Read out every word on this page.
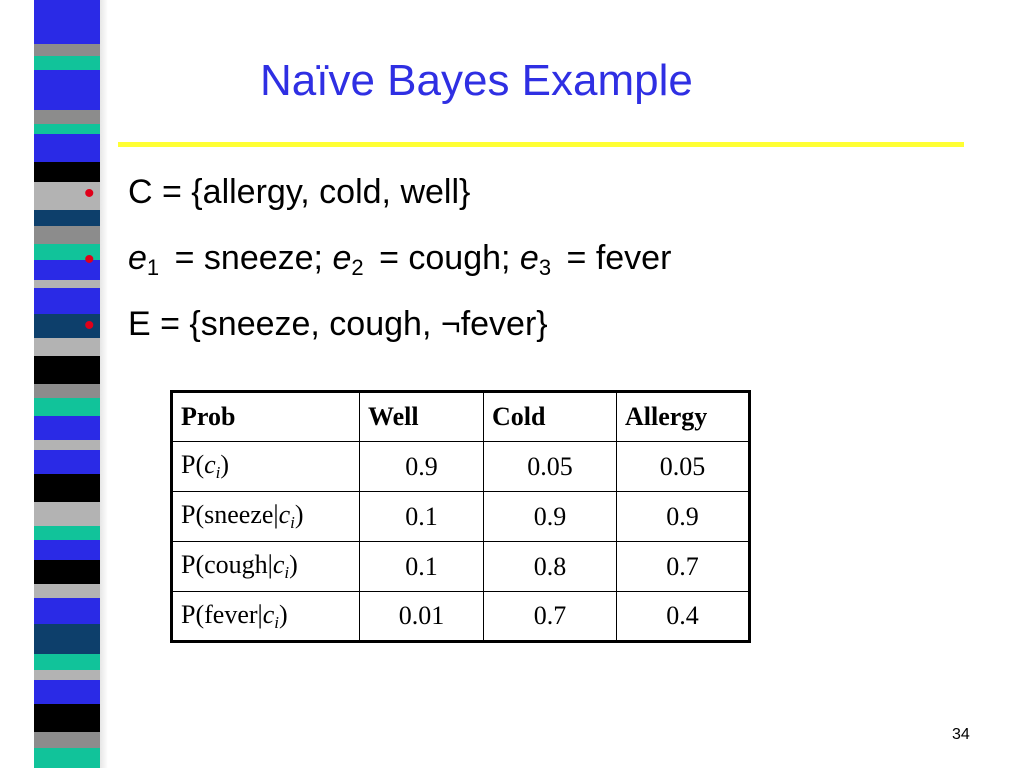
Naïve Bayes Example
• C = {allergy, cold, well}
• $e_1$ = sneeze; $e_2$ = cough; $e_3$ = fever
• E = {sneeze, cough, ¬fever}
Prob	Well	Cold	Allergy
$P(c_i)$	0.9	0.05	0.05
$P(sneeze|c_i)$	0.1	0.9	0.9
$P(cough|c_i)$	0.1	0.8	0.7
$P(fever|c_i)$	0.01	0.7	0.4
34
